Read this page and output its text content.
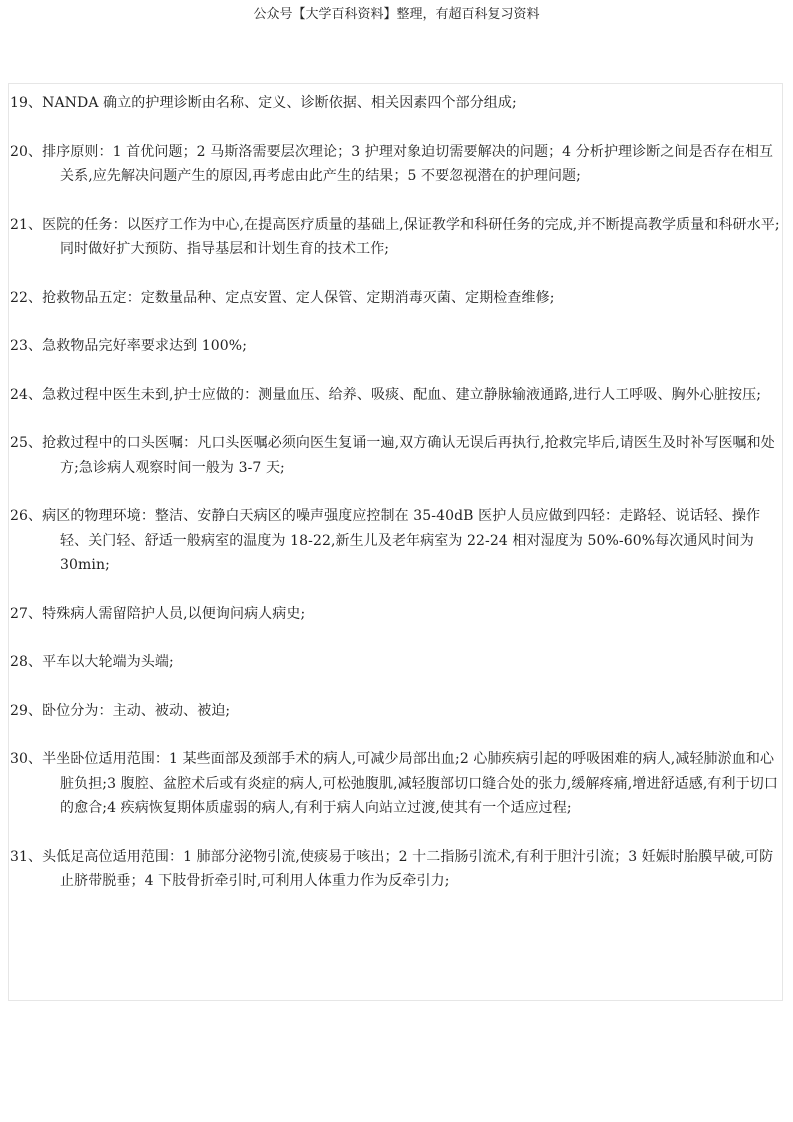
公众号【大学百科资料】整理，有超百科复习资料

19、NANDA 确立的护理诊断由名称、定义、诊断依据、相关因素四个部分组成;

20、排序原则：1 首优问题；2 马斯洛需要层次理论；3 护理对象迫切需要解决的问题；4 分析护理诊断之间是否存在相互关系,应先解决问题产生的原因,再考虑由此产生的结果；5 不要忽视潜在的护理问题;

21、医院的任务：以医疗工作为中心,在提高医疗质量的基础上,保证教学和科研任务的完成,并不断提高教学质量和科研水平;同时做好扩大预防、指导基层和计划生育的技术工作;

22、抢救物品五定：定数量品种、定点安置、定人保管、定期消毒灭菌、定期检查维修;

23、急救物品完好率要求达到 100%;

24、急救过程中医生未到,护士应做的：测量血压、给养、吸痰、配血、建立静脉输液通路,进行人工呼吸、胸外心脏按压;

25、抢救过程中的口头医嘱：凡口头医嘱必须向医生复诵一遍,双方确认无误后再执行,抢救完毕后,请医生及时补写医嘱和处方;急诊病人观察时间一般为 3-7 天;

26、病区的物理环境：整洁、安静白天病区的噪声强度应控制在 35-40dB 医护人员应做到四轻：走路轻、说话轻、操作轻、关门轻、舒适一般病室的温度为 18-22,新生儿及老年病室为 22-24 相对湿度为 50%-60%每次通风时间为 30min;

27、特殊病人需留陪护人员,以便询问病人病史;

28、平车以大轮端为头端;

29、卧位分为：主动、被动、被迫;

30、半坐卧位适用范围：1 某些面部及颈部手术的病人,可减少局部出血;2 心肺疾病引起的呼吸困难的病人,减轻肺淤血和心脏负担;3 腹腔、盆腔术后或有炎症的病人,可松弛腹肌,减轻腹部切口缝合处的张力,缓解疼痛,增进舒适感,有利于切口的愈合;4 疾病恢复期体质虚弱的病人,有利于病人向站立过渡,使其有一个适应过程;

31、头低足高位适用范围：1 肺部分泌物引流,使痰易于咳出；2 十二指肠引流术,有利于胆汁引流；3 妊娠时胎膜早破,可防止脐带脱垂；4 下肢骨折牵引时,可利用人体重力作为反牵引力;
